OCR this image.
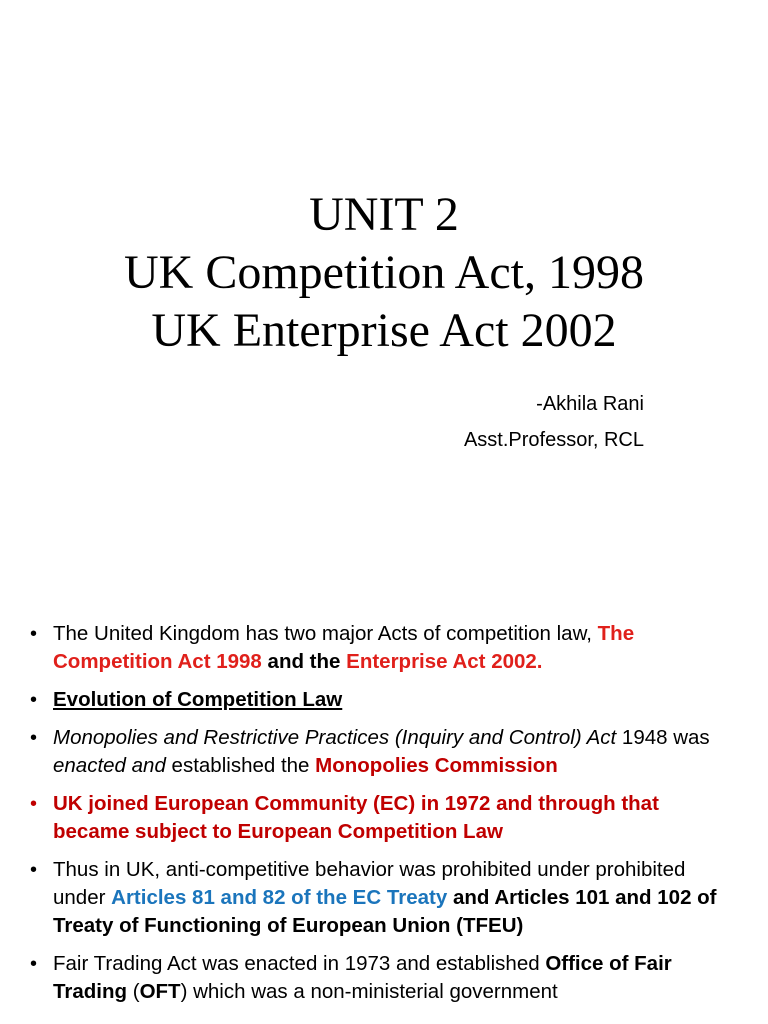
UNIT 2
UK Competition Act, 1998
UK Enterprise Act 2002
-Akhila Rani
Asst.Professor, RCL
• The United Kingdom has two major Acts of competition law, The Competition Act 1998 and the Enterprise Act 2002.
• Evolution of Competition Law
• Monopolies and Restrictive Practices (Inquiry and Control) Act 1948 was enacted and established the Monopolies Commission
• UK joined European Community (EC) in 1972 and through that became subject to European Competition Law
• Thus in UK, anti-competitive behavior was prohibited under prohibited under Articles 81 and 82 of the EC Treaty and Articles 101 and 102 of Treaty of Functioning of European Union (TFEU)
• Fair Trading Act was enacted in 1973 and established Office of Fair Trading (OFT) which was a non-ministerial government
